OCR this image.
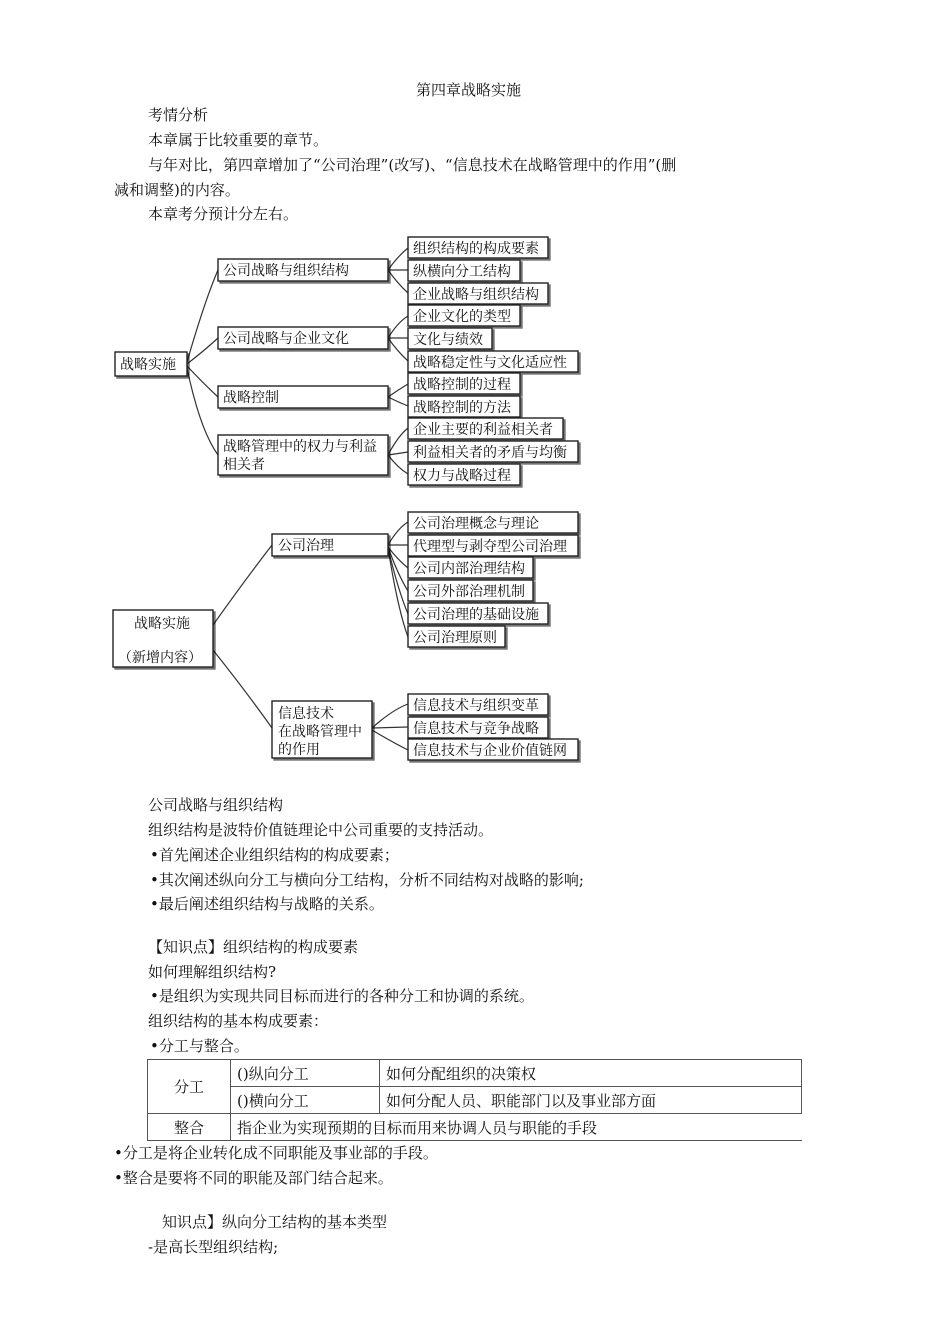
第四章战略实施
考情分析
本章属于比较重要的章节。
与年对比，第四章增加了“公司治理”(改写)、“信息技术在战略管理中的作用”(删
减和调整)的内容。
本章考分预计分左右。
战略实施
公司战略与组织结构
公司战略与企业文化
战略控制
战略管理中的权力与利益
相关者
组织结构的构成要素
纵横向分工结构
企业战略与组织结构
企业文化的类型
文化与绩效
战略稳定性与文化适应性
战略控制的过程
战略控制的方法
企业主要的利益相关者
利益相关者的矛盾与均衡
权力与战略过程
战略实施
（新增内容）
公司治理
信息技术
在战略管理中
的作用
公司治理概念与理论
代理型与剥夺型公司治理
公司内部治理结构
公司外部治理机制
公司治理的基础设施
公司治理原则
信息技术与组织变革
信息技术与竞争战略
信息技术与企业价值链网
公司战略与组织结构
组织结构是波特价值链理论中公司重要的支持活动。
•首先阐述企业组织结构的构成要素；
•其次阐述纵向分工与横向分工结构，分析不同结构对战略的影响;
•最后阐述组织结构与战略的关系。
【知识点】组织结构的构成要素
如何理解组织结构?
•是组织为实现共同目标而进行的各种分工和协调的系统。
组织结构的基本构成要素：
•分工与整合。
分工	()纵向分工	如何分配组织的决策权
	()横向分工	如何分配人员、职能部门以及事业部方面
整合	指企业为实现预期的目标而用来协调人员与职能的手段	
•分工是将企业转化成不同职能及事业部的手段。
•整合是要将不同的职能及部门结合起来。
知识点】纵向分工结构的基本类型
-是高长型组织结构;
